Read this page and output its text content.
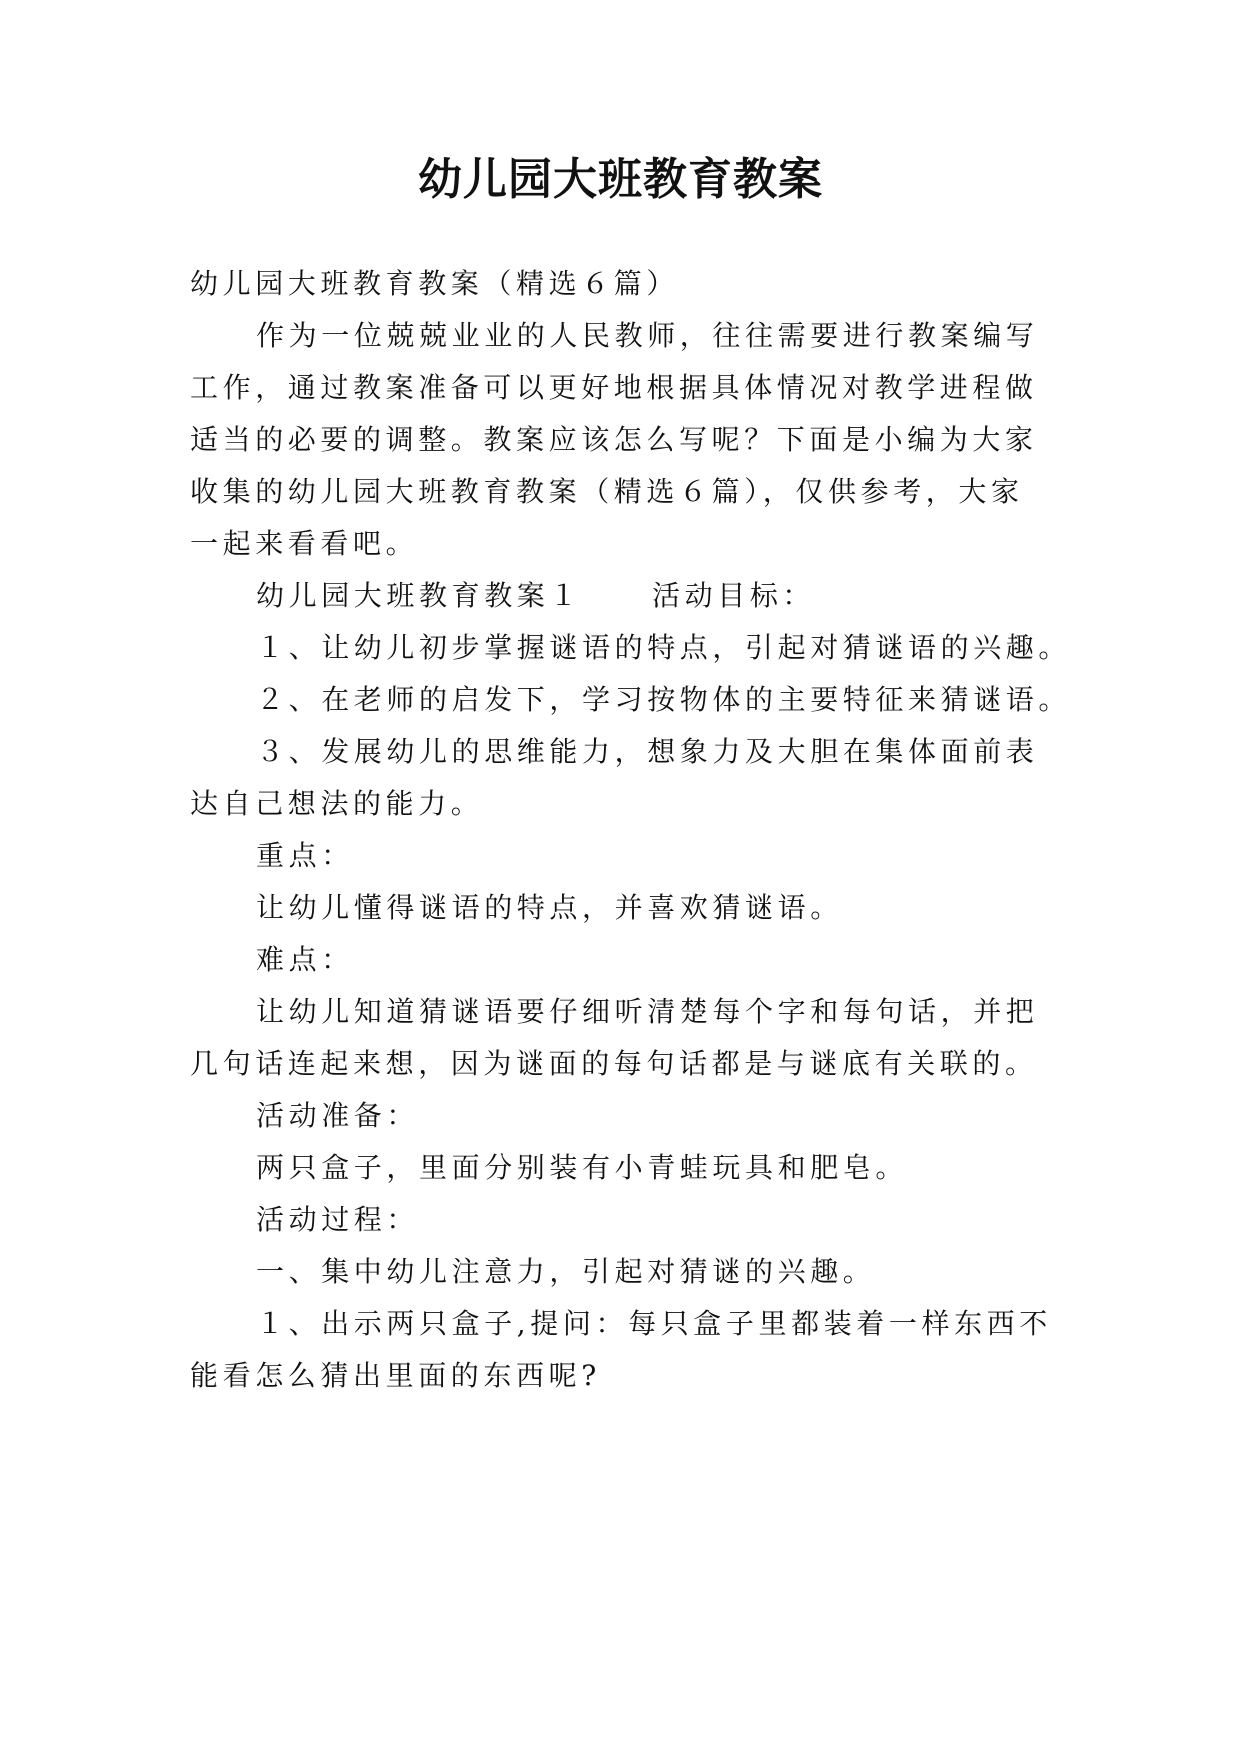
幼儿园大班教育教案

幼儿园大班教育教案（精选６篇）

作为一位兢兢业业的人民教师，往往需要进行教案编写

工作，通过教案准备可以更好地根据具体情况对教学进程做

适当的必要的调整。教案应该怎么写呢？下面是小编为大家

收集的幼儿园大班教育教案（精选６篇），仅供参考，大家

一起来看看吧。

幼儿园大班教育教案１	活动目标：

１、让幼儿初步掌握谜语的特点，引起对猜谜语的兴趣。

２、在老师的启发下，学习按物体的主要特征来猜谜语。

３、发展幼儿的思维能力，想象力及大胆在集体面前表

达自己想法的能力。

重点：

让幼儿懂得谜语的特点，并喜欢猜谜语。

难点：

让幼儿知道猜谜语要仔细听清楚每个字和每句话，并把

几句话连起来想，因为谜面的每句话都是与谜底有关联的。

活动准备：

两只盒子，里面分别装有小青蛙玩具和肥皂。

活动过程：

一、集中幼儿注意力，引起对猜谜的兴趣。

１、出示两只盒子,提问：每只盒子里都装着一样东西不

能看怎么猜出里面的东西呢?
